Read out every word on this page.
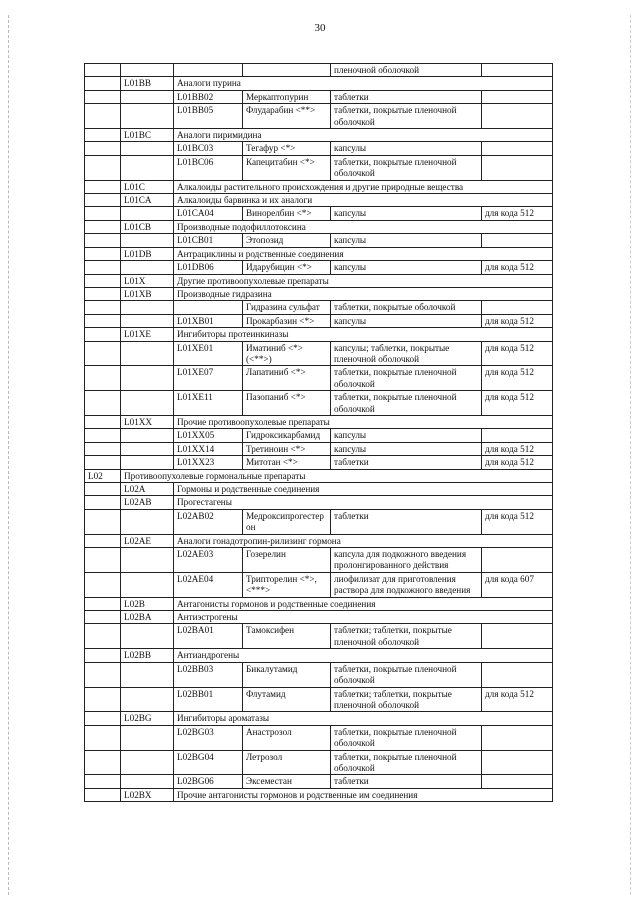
30
				пленочной оболочкой	
	L01BB	Аналоги пурина			
		L01BB02	Меркаптопурин	таблетки	
		L01BB05	Флударабин <**>	таблетки, покрытые пленочной оболочкой	
	L01BC	Аналоги пиримидина			
		L01BC03	Тегафур <*>	капсулы	
		L01BC06	Капецитабин <*>	таблетки, покрытые пленочной оболочкой	
	L01C	Алкалоиды растительного происхождения и другие природные вещества			
	L01CA	Алкалоиды барвинка и их аналоги			
		L01CA04	Винорелбин <*>	капсулы	для кода 512
	L01CB	Производные подофиллотоксина			
		L01CB01	Этопозид	капсулы	
	L01DB	Антрациклины и родственные соединения			
		L01DB06	Идарубицин <*>	капсулы	для кода 512
	L01X	Другие противоопухолевые препараты			
	L01XB	Производные гидразина			
			Гидразина сульфат	таблетки, покрытые оболочкой	
		L01XB01	Прокарбазин <*>	капсулы	для кода 512
	L01XE	Ингибиторы протеинкиназы			
		L01XE01	Иматиниб <*> (<**>)	капсулы; таблетки, покрытые пленочной оболочкой	для кода 512
		L01XE07	Лапатиниб <*>	таблетки, покрытые пленочной оболочкой	для кода 512
		L01XE11	Пазопаниб <*>	таблетки, покрытые пленочной оболочкой	для кода 512
	L01XX	Прочие противоопухолевые препараты			
		L01XX05	Гидроксикарбамид	капсулы	
		L01XX14	Третиноин <*>	капсулы	для кода 512
		L01XX23	Митотан <*>	таблетки	для кода 512
L02	Противоопухолевые гормональные препараты				
	L02A	Гормоны и родственные соединения			
	L02AB	Прогестагены			
		L02AB02	Медроксипрогестерон	таблетки	для кода 512
	L02AE	Аналоги гонадотропин-рилизинг гормона			
		L02AE03	Гозерелин	капсула для подкожного введения пролонгированного действия	
		L02AE04	Трипторелин <*>, <***>	лиофилизат для приготовления раствора для подкожного введения	для кода 607
	L02B	Антагонисты гормонов и родственные соединения			
	L02BA	Антиэстрогены			
		L02BA01	Тамоксифен	таблетки; таблетки, покрытые пленочной оболочкой	
	L02BB	Антиандрогены			
		L02BB03	Бикалутамид	таблетки, покрытые пленочной оболочкой	
		L02BB01	Флутамид	таблетки; таблетки, покрытые пленочной оболочкой	для кода 512
	L02BG	Ингибиторы ароматазы			
		L02BG03	Анастрозол	таблетки, покрытые пленочной оболочкой	
		L02BG04	Летрозол	таблетки, покрытые пленочной оболочкой	
		L02BG06	Эксеместан	таблетки	
	L02BX	Прочие антагонисты гормонов и родственные им соединения			
